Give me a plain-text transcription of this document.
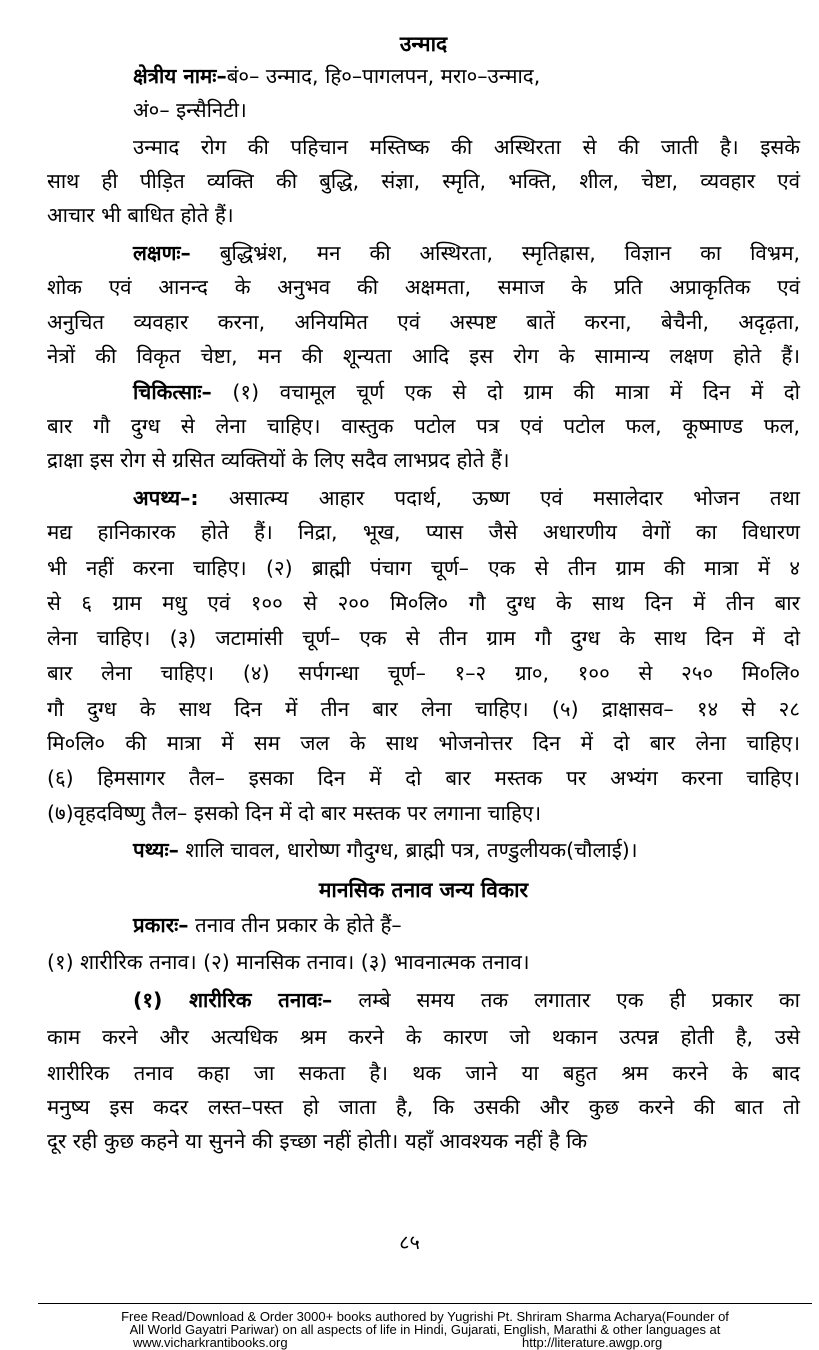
उन्माद
क्षेत्रीय नामः–बं०– उन्माद, हि०–पागलपन, मरा०–उन्माद,
अं०– इन्सैनिटी।
उन्माद रोग की पहिचान मस्तिष्क की अस्थिरता से की जाती है। इसके
साथ ही पीड़ित व्यक्ति की बुद्धि, संज्ञा, स्मृति, भक्ति, शील, चेष्टा, व्यवहार एवं
आचार भी बाधित होते हैं।
लक्षणः– बुद्धिभ्रंश, मन की अस्थिरता, स्मृतिह्रास, विज्ञान का विभ्रम,
शोक एवं आनन्द के अनुभव की अक्षमता, समाज के प्रति अप्राकृतिक एवं
अनुचित व्यवहार करना, अनियमित एवं अस्पष्ट बातें करना, बेचैनी, अदृढ़ता,
नेत्रों की विकृत चेष्टा, मन की शून्यता आदि इस रोग के सामान्य लक्षण होते हैं।
चिकित्साः– (१) वचामूल चूर्ण एक से दो ग्राम की मात्रा में दिन में दो
बार गौ दुग्ध से लेना चाहिए। वास्तुक पटोल पत्र एवं पटोल फल, कूष्माण्ड फल,
द्राक्षा इस रोग से ग्रसित व्यक्तियों के लिए सदैव लाभप्रद होते हैं।
अपथ्य–: असात्म्य आहार पदार्थ, ऊष्ण एवं मसालेदार भोजन तथा
मद्य हानिकारक होते हैं। निद्रा, भूख, प्यास जैसे अधारणीय वेगों का विधारण
भी नहीं करना चाहिए। (२) ब्राह्मी पंचाग चूर्ण– एक से तीन ग्राम की मात्रा में ४
से ६ ग्राम मधु एवं १०० से २०० मि०लि० गौ दुग्ध के साथ दिन में तीन बार
लेना चाहिए। (३) जटामांसी चूर्ण– एक से तीन ग्राम गौ दुग्ध के साथ दिन में दो
बार लेना चाहिए। (४) सर्पगन्धा चूर्ण– १–२ ग्रा०, १०० से २५० मि०लि०
गौ दुग्ध के साथ दिन में तीन बार लेना चाहिए। (५) द्राक्षासव– १४ से २८
मि०लि० की मात्रा में सम जल के साथ भोजनोत्तर दिन में दो बार लेना चाहिए।
(६) हिमसागर तैल– इसका दिन में दो बार मस्तक पर अभ्यंग करना चाहिए।
(७)वृहदविष्णु तैल– इसको दिन में दो बार मस्तक पर लगाना चाहिए।
पथ्यः– शालि चावल, धारोष्ण गौदुग्ध, ब्राह्मी पत्र, तण्डुलीयक(चौलाई)।
मानसिक तनाव जन्य विकार
प्रकारः– तनाव तीन प्रकार के होते हैं–
(१) शारीरिक तनाव। (२) मानसिक तनाव। (३) भावनात्मक तनाव।
(१) शारीरिक तनावः– लम्बे समय तक लगातार एक ही प्रकार का
काम करने और अत्यधिक श्रम करने के कारण जो थकान उत्पन्न होती है, उसे
शारीरिक तनाव कहा जा सकता है। थक जाने या बहुत श्रम करने के बाद
मनुष्य इस कदर लस्त–पस्त हो जाता है, कि उसकी और कुछ करने की बात तो
दूर रही कुछ कहने या सुनने की इच्छा नहीं होती। यहाँ आवश्यक नहीं है कि
८५
Free Read/Download & Order 3000+ books authored by Yugrishi Pt. Shriram Sharma Acharya(Founder of
All World Gayatri Pariwar) on all aspects of life in Hindi, Gujarati, English, Marathi & other languages at
www.vicharkrantibooks.org	http://literature.awgp.org
